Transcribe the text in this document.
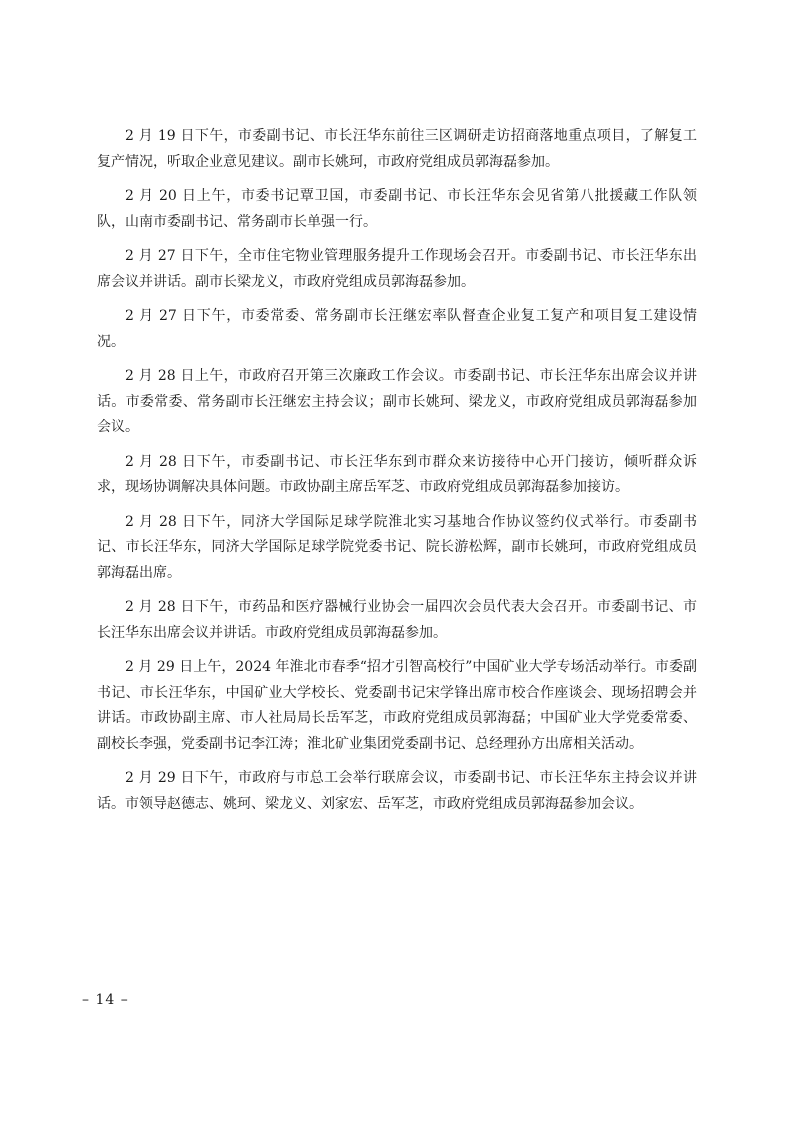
2 月 19 日下午，市委副书记、市长汪华东前往三区调研走访招商落地重点项目，了解复工复产情况，听取企业意见建议。副市长姚珂，市政府党组成员郭海磊参加。

2 月 20 日上午，市委书记覃卫国，市委副书记、市长汪华东会见省第八批援藏工作队领队，山南市委副书记、常务副市长单强一行。

2 月 27 日下午，全市住宅物业管理服务提升工作现场会召开。市委副书记、市长汪华东出席会议并讲话。副市长梁龙义，市政府党组成员郭海磊参加。

2 月 27 日下午，市委常委、常务副市长汪继宏率队督查企业复工复产和项目复工建设情况。

2 月 28 日上午，市政府召开第三次廉政工作会议。市委副书记、市长汪华东出席会议并讲话。市委常委、常务副市长汪继宏主持会议；副市长姚珂、梁龙义，市政府党组成员郭海磊参加会议。

2 月 28 日下午，市委副书记、市长汪华东到市群众来访接待中心开门接访，倾听群众诉求，现场协调解决具体问题。市政协副主席岳军芝、市政府党组成员郭海磊参加接访。

2 月 28 日下午，同济大学国际足球学院淮北实习基地合作协议签约仪式举行。市委副书记、市长汪华东，同济大学国际足球学院党委书记、院长游松辉，副市长姚珂，市政府党组成员郭海磊出席。

2 月 28 日下午，市药品和医疗器械行业协会一届四次会员代表大会召开。市委副书记、市长汪华东出席会议并讲话。市政府党组成员郭海磊参加。

2 月 29 日上午，2024 年淮北市春季“招才引智高校行”中国矿业大学专场活动举行。市委副书记、市长汪华东，中国矿业大学校长、党委副书记宋学锋出席市校合作座谈会、现场招聘会并讲话。市政协副主席、市人社局局长岳军芝，市政府党组成员郭海磊；中国矿业大学党委常委、副校长李强，党委副书记李江涛；淮北矿业集团党委副书记、总经理孙方出席相关活动。

2 月 29 日下午，市政府与市总工会举行联席会议，市委副书记、市长汪华东主持会议并讲话。市领导赵德志、姚珂、梁龙义、刘家宏、岳军芝，市政府党组成员郭海磊参加会议。

– 14 –
